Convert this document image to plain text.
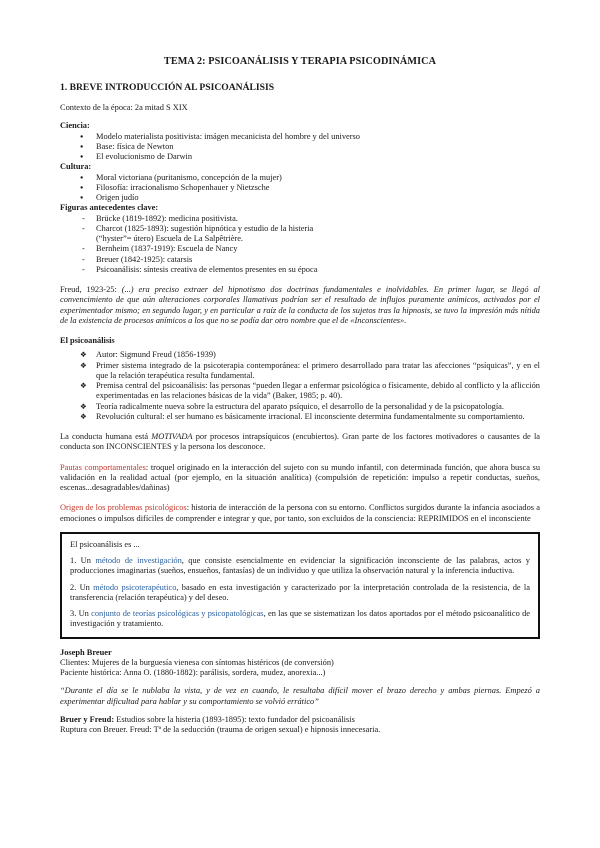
TEMA 2: PSICOANÁLISIS Y TERAPIA PSICODINÁMICA
1. BREVE INTRODUCCIÓN AL PSICOANÁLISIS

Contexto de la época: 2a mitad S XIX

Ciencia:

● Modelo materialista positivista: imágen mecanicista del hombre y del universo
● Base: física de Newton
● El evolucionismo de Darwin

Cultura:

● Moral victoriana (puritanismo, concepción de la mujer)
● Filosofía: irracionalismo Schopenhauer y Nietzsche
● Origen judío

Figuras antecedentes clave:

- Brücke (1819-1892): medicina positivista.
- Charcot (1825-1893): sugestión hipnótica y estudio de la histeria (“hyster”= útero) Escuela de La Salpêtrière.
- Bernheim (1837-1919): Escuela de Nancy
- Breuer (1842-1925): catarsis
- Psicoanálisis: síntesis creativa de elementos presentes en su época

Freud, 1923-25: (...) era preciso extraer del hipnotismo dos doctrinas fundamentales e inolvidables. En primer lugar, se llegó al convencimiento de que aún alteraciones corporales llamativas podrían ser el resultado de influjos puramente anímicos, activados por el experimentador mismo; en segundo lugar, y en particular a raíz de la conducta de los sujetos tras la hipnosis, se tuvo la impresión más nítida de la existencia de procesos anímicos a los que no se podía dar otro nombre que el de «Inconscientes».

El psicoanálisis

❖ Autor: Sigmund Freud (1856-1939)
❖ Primer sistema integrado de la psicoterapia contemporánea: el primero desarrollado para tratar las afecciones “psíquicas”, y en el que la relación terapéutica resulta fundamental.
❖ Premisa central del psicoanálisis: las personas “pueden llegar a enfermar psicológica o físicamente, debido al conflicto y la aflicción experimentadas en las relaciones básicas de la vida” (Baker, 1985; p. 40).
❖ Teoría radicalmente nueva sobre la estructura del aparato psíquico, el desarrollo de la personalidad y de la psicopatología.
❖ Revolución cultural: el ser humano es básicamente irracional. El inconsciente determina fundamentalmente su comportamiento.

La conducta humana está MOTIVADA por procesos intrapsíquicos (encubiertos). Gran parte de los factores motivadores o causantes de la conducta son INCONSCIENTES y la persona los desconoce.

Pautas comportamentales: troquel originado en la interacción del sujeto con su mundo infantil, con determinada función, que ahora busca su validación en la realidad actual (por ejemplo, en la situación analítica) (compulsión de repetición: impulso a repetir conductas, sueños, escenas...desagradables/dañinas)

Origen de los problemas psicológicos: historia de interacción de la persona con su entorno. Conflictos surgidos durante la infancia asociados a emociones o impulsos difíciles de comprender e integrar y que, por tanto, son excluidos de la consciencia: REPRIMIDOS en el inconsciente

El psicoanálisis es ...

1. Un método de investigación, que consiste esencialmente en evidenciar la significación inconsciente de las palabras, actos y producciones imaginarias (sueños, ensueños, fantasías) de un individuo y que utiliza la observación natural y la inferencia inductiva.

2. Un método psicoterapéutico, basado en esta investigación y caracterizado por la interpretación controlada de la resistencia, de la transferencia (relación terapéutica) y del deseo.

3. Un conjunto de teorías psicológicas y psicopatológicas, en las que se sistematizan los datos aportados por el método psicoanalítico de investigación y tratamiento.

Joseph Breuer

Clientes: Mujeres de la burguesía vienesa con síntomas histéricos (de conversión)

Paciente histórica: Anna O. (1880-1882): parálisis, sordera, mudez, anorexia...)

“Durante el día se le nublaba la vista, y de vez en cuando, le resultaba difícil mover el brazo derecho y ambas piernas. Empezó a experimentar dificultad para hablar y su comportamiento se volvió errático”

Bruer y Freud: Estudios sobre la histeria (1893-1895): texto fundador del psicoanálisis

Ruptura con Breuer. Freud: Tª de la seducción (trauma de origen sexual) e hipnosis innecesaria.
